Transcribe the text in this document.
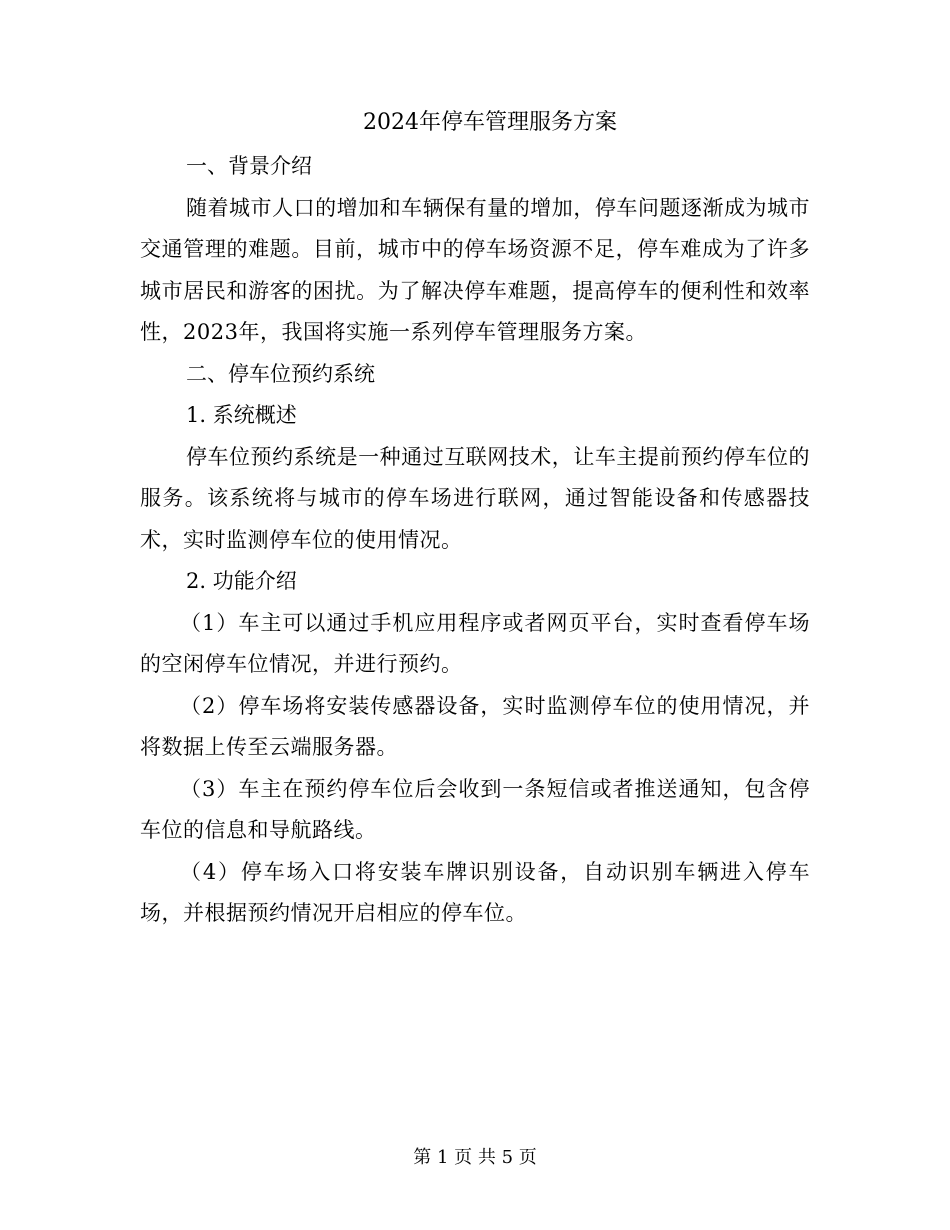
2024年停车管理服务方案

一、背景介绍

随着城市人口的增加和车辆保有量的增加，停车问题逐渐成为城市交通管理的难题。目前，城市中的停车场资源不足，停车难成为了许多城市居民和游客的困扰。为了解决停车难题，提高停车的便利性和效率性，2023年，我国将实施一系列停车管理服务方案。

二、停车位预约系统

1. 系统概述

停车位预约系统是一种通过互联网技术，让车主提前预约停车位的服务。该系统将与城市的停车场进行联网，通过智能设备和传感器技术，实时监测停车位的使用情况。

2. 功能介绍

（1）车主可以通过手机应用程序或者网页平台，实时查看停车场的空闲停车位情况，并进行预约。

（2）停车场将安装传感器设备，实时监测停车位的使用情况，并将数据上传至云端服务器。

（3）车主在预约停车位后会收到一条短信或者推送通知，包含停车位的信息和导航路线。

（4）停车场入口将安装车牌识别设备，自动识别车辆进入停车场，并根据预约情况开启相应的停车位。

第 1 页 共 5 页
